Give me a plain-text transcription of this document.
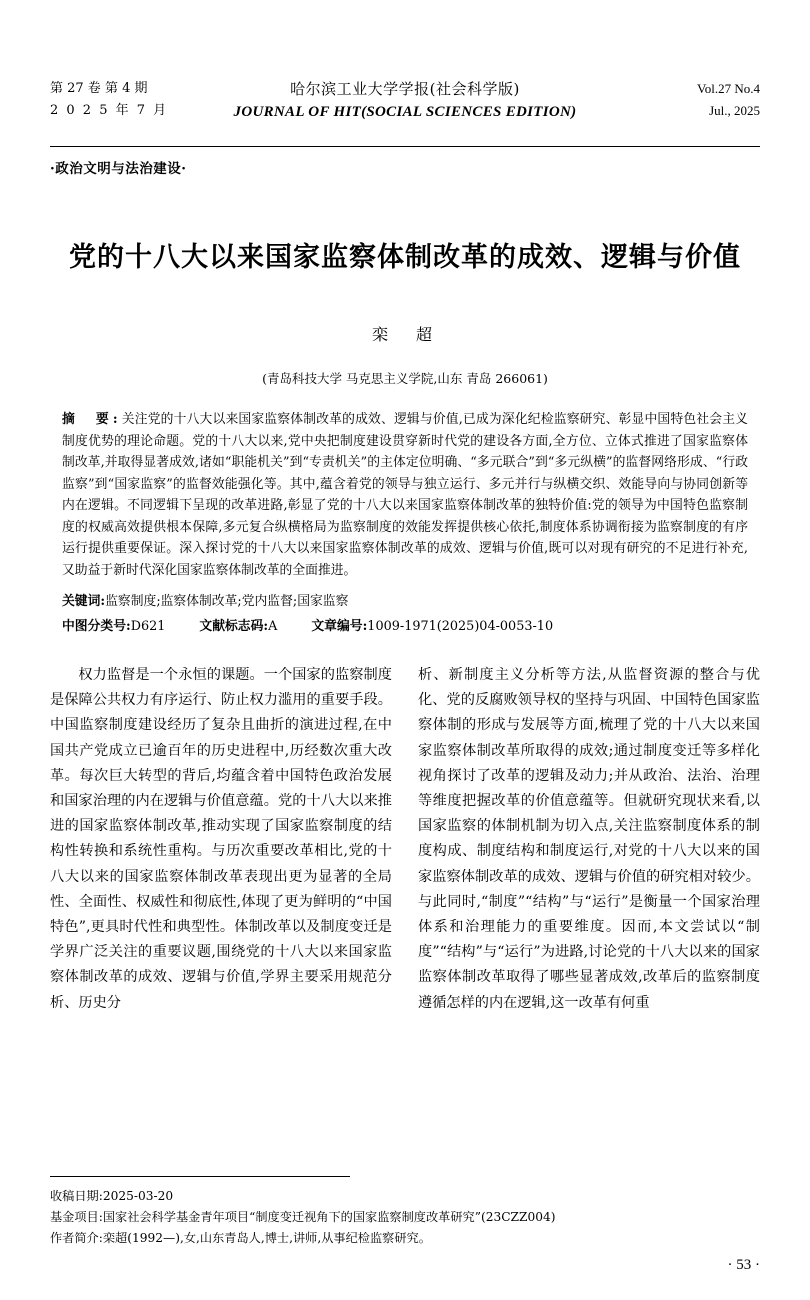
第 27 卷 第 4 期
2 0 2 5 年 7 月
Vol.27 No.4
Jul., 2025
哈尔滨工业大学学报(社会科学版)
JOURNAL OF HIT(SOCIAL SCIENCES EDITION)
·政治文明与法治建设·
党的十八大以来国家监察体制改革的成效、逻辑与价值
栾　超
(青岛科技大学 马克思主义学院,山东 青岛 266061)
摘　要:关注党的十八大以来国家监察体制改革的成效、逻辑与价值,已成为深化纪检监察研究、彰显中国特色社会主义制度优势的理论命题。党的十八大以来,党中央把制度建设贯穿新时代党的建设各方面,全方位、立体式推进了国家监察体制改革,并取得显著成效,诸如“职能机关”到“专责机关”的主体定位明确、“多元联合”到“多元纵横”的监督网络形成、“行政监察”到“国家监察”的监督效能强化等。其中,蕴含着党的领导与独立运行、多元并行与纵横交织、效能导向与协同创新等内在逻辑。不同逻辑下呈现的改革进路,彰显了党的十八大以来国家监察体制改革的独特价值:党的领导为中国特色监察制度的权威高效提供根本保障,多元复合纵横格局为监察制度的效能发挥提供核心依托,制度体系协调衔接为监察制度的有序运行提供重要保证。深入探讨党的十八大以来国家监察体制改革的成效、逻辑与价值,既可以对现有研究的不足进行补充,又助益于新时代深化国家监察体制改革的全面推进。
关键词:监察制度;监察体制改革;党内监督;国家监察
中图分类号:D621	文献标志码:A	文章编号:1009-1971(2025)04-0053-10

权力监督是一个永恒的课题。一个国家的监察制度是保障公共权力有序运行、防止权力滥用的重要手段。中国监察制度建设经历了复杂且曲折的演进过程,在中国共产党成立已逾百年的历史进程中,历经数次重大改革。每次巨大转型的背后,均蕴含着中国特色政治发展和国家治理的内在逻辑与价值意蕴。党的十八大以来推进的国家监察体制改革,推动实现了国家监察制度的结构性转换和系统性重构。与历次重要改革相比,党的十八大以来的国家监察体制改革表现出更为显著的全局性、全面性、权威性和彻底性,体现了更为鲜明的“中国特色”,更具时代性和典型性。体制改革以及制度变迁是学界广泛关注的重要议题,围绕党的十八大以来国家监察体制改革的成效、逻辑与价值,学界主要采用规范分析、历史分

析、新制度主义分析等方法,从监督资源的整合与优化、党的反腐败领导权的坚持与巩固、中国特色国家监察体制的形成与发展等方面,梳理了党的十八大以来国家监察体制改革所取得的成效;通过制度变迁等多样化视角探讨了改革的逻辑及动力;并从政治、法治、治理等维度把握改革的价值意蕴等。但就研究现状来看,以国家监察的体制机制为切入点,关注监察制度体系的制度构成、制度结构和制度运行,对党的十八大以来的国家监察体制改革的成效、逻辑与价值的研究相对较少。与此同时,“制度”“结构”与“运行”是衡量一个国家治理体系和治理能力的重要维度。因而,本文尝试以“制度”“结构”与“运行”为进路,讨论党的十八大以来的国家监察体制改革取得了哪些显著成效,改革后的监察制度遵循怎样的内在逻辑,这一改革有何重

收稿日期:2025-03-20
基金项目:国家社会科学基金青年项目“制度变迁视角下的国家监察制度改革研究”(23CZZ004)
作者简介:栾超(1992—),女,山东青岛人,博士,讲师,从事纪检监察研究。
· 53 ·
